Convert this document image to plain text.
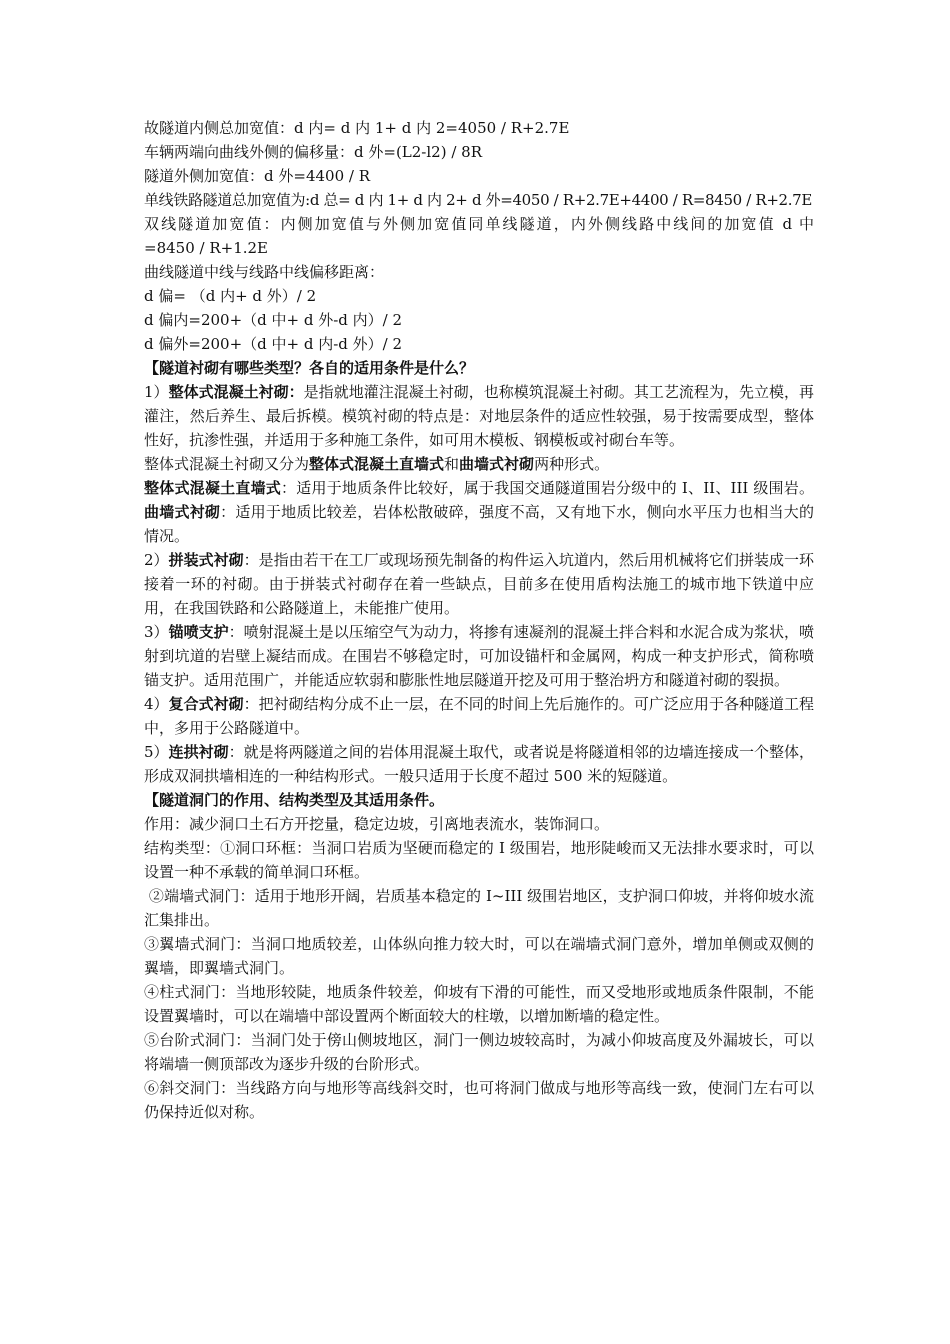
故隧道内侧总加宽值：d 内= d 内 1+ d 内 2=4050 / R+2.7E

车辆两端向曲线外侧的偏移量：d 外=(L2-l2) / 8R

隧道外侧加宽值：d 外=4400 / R

单线铁路隧道总加宽值为:d 总= d 内 1+ d 内 2+ d 外=4050 / R+2.7E+4400 / R=8450 / R+2.7E

双线隧道加宽值：内侧加宽值与外侧加宽值同单线隧道，内外侧线路中线间的加宽值 d 中

=8450 / R+1.2E

曲线隧道中线与线路中线偏移距离：

d 偏= （d 内+ d 外）/ 2

d 偏内=200+（d 中+ d 外-d 内）/ 2

d 偏外=200+（d 中+ d 内-d 外）/ 2

【隧道衬砌有哪些类型？各自的适用条件是什么？

1）整体式混凝土衬砌：是指就地灌注混凝土衬砌，也称模筑混凝土衬砌。其工艺流程为，先立模，再灌注，然后养生、最后拆模。模筑衬砌的特点是：对地层条件的适应性较强，易于按需要成型，整体性好，抗渗性强，并适用于多种施工条件，如可用木模板、钢模板或衬砌台车等。

整体式混凝土衬砌又分为整体式混凝土直墙式和曲墙式衬砌两种形式。

整体式混凝土直墙式：适用于地质条件比较好，属于我国交通隧道围岩分级中的 I、II、III 级围岩。曲墙式衬砌：适用于地质比较差，岩体松散破碎，强度不高，又有地下水，侧向水平压力也相当大的情况。

2）拼装式衬砌：是指由若干在工厂或现场预先制备的构件运入坑道内，然后用机械将它们拼装成一环接着一环的衬砌。由于拼装式衬砌存在着一些缺点，目前多在使用盾构法施工的城市地下铁道中应用，在我国铁路和公路隧道上，未能推广使用。

3）锚喷支护：喷射混凝土是以压缩空气为动力，将掺有速凝剂的混凝土拌合料和水泥合成为浆状，喷射到坑道的岩壁上凝结而成。在围岩不够稳定时，可加设锚杆和金属网，构成一种支护形式，简称喷锚支护。适用范围广，并能适应软弱和膨胀性地层隧道开挖及可用于整治坍方和隧道衬砌的裂损。

4）复合式衬砌：把衬砌结构分成不止一层，在不同的时间上先后施作的。可广泛应用于各种隧道工程中，多用于公路隧道中。

5）连拱衬砌：就是将两隧道之间的岩体用混凝土取代，或者说是将隧道相邻的边墙连接成一个整体，形成双洞拱墙相连的一种结构形式。一般只适用于长度不超过 500 米的短隧道。

【隧道洞门的作用、结构类型及其适用条件。

作用：减少洞口土石方开挖量，稳定边坡，引离地表流水，装饰洞口。

结构类型：①洞口环框：当洞口岩质为坚硬而稳定的 I 级围岩，地形陡峻而又无法排水要求时，可以设置一种不承载的简单洞口环框。

②端墙式洞门：适用于地形开阔，岩质基本稳定的 I~III 级围岩地区，支护洞口仰坡，并将仰坡水流汇集排出。

③翼墙式洞门：当洞口地质较差，山体纵向推力较大时，可以在端墙式洞门意外，增加单侧或双侧的翼墙，即翼墙式洞门。

④柱式洞门：当地形较陡，地质条件较差，仰坡有下滑的可能性，而又受地形或地质条件限制，不能设置翼墙时，可以在端墙中部设置两个断面较大的柱墩，以增加断墙的稳定性。

⑤台阶式洞门：当洞门处于傍山侧坡地区，洞门一侧边坡较高时，为减小仰坡高度及外漏坡长，可以将端墙一侧顶部改为逐步升级的台阶形式。

⑥斜交洞门：当线路方向与地形等高线斜交时，也可将洞门做成与地形等高线一致，使洞门左右可以仍保持近似对称。
